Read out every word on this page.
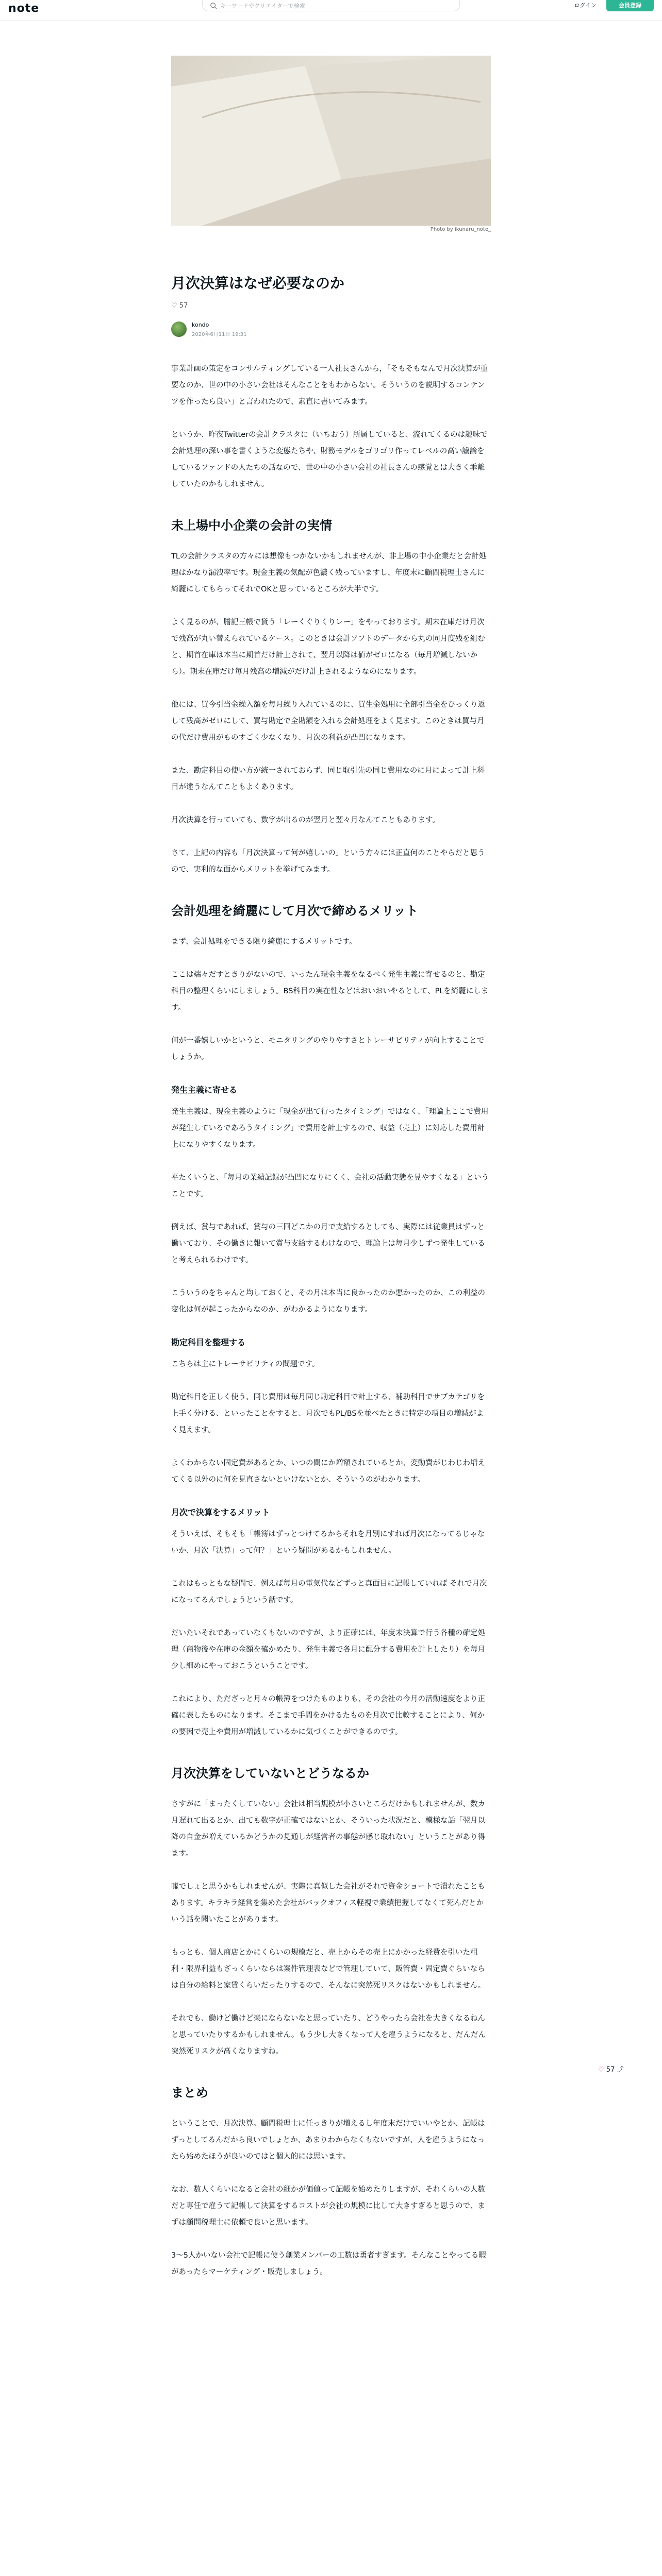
note
キーワードやクリエイターで検索	ログイン	会員登録
Photo by ikunaru_note_
月次決算はなぜ必要なのか
♡ 57
kondo
2020年6月11日 19:31
事業計画の策定をコンサルティングしている一人社長さんから，「そもそもなんで月次決算が重要なのか、世の中の小さい会社はそんなことをもわからない。そういうのを説明するコンテンツを作ったら良い」と言われたので、素直に書いてみます。
というか、昨夜Twitterの会計クラスタに（いちおう）所属していると、流れてくるのは趣味で会計処理の深い事を書くような変態たちや、財務モデルをゴリゴリ作ってレベルの高い議論をしているファンドの人たちの話なので、世の中の小さい会社の社長さんの感覚とは大きく乖離していたのかもしれません。
未上場中小企業の会計の実情
TLの会計クラスタの方々には想像もつかないかもしれませんが、非上場の中小企業だと会計処理はかなり漏洩率です。現金主義の気配が色濃く残っていますし、年度末に顧問税理士さんに綺麗にしてもらってそれでOKと思っているところが大半です。
よく見るのが、謄記三帳で貸う「レーくぐりくりレー」をやっております。期末在庫だけ月次で残高が丸い替えられているケース。このときは会計ソフトのデータから丸の同月度残を組むと、期首在庫は本当に期首だけ計上されて、翌月以降は値がゼロになる（毎月増減しないから）。期末在庫だけ毎月残高の増減がだけ計上されるようなのになります。
他には、買今引当金繰入額を毎月繰り入れているのに、買生金処用に全部引当金をひっくり返して残高がゼロにして、買与勘定で全勘額を入れる会計処理をよく見ます。このときは買与月の代だけ費用がものすごく少なくなり、月次の利益が凸凹になります。
また、勘定科目の使い方が統一されておらず、同じ取引先の同じ費用なのに月によって計上科目が違うなんてこともよくあります。
月次決算を行っていても、数字が出るのが翌月と翌々月なんてこともあります。
さて、上記の内容も「月次決算って何が嬉しいの」という方々には正直何のことやらだと思うので、実利的な面からメリットを挙げてみます。
会計処理を綺麗にして月次で締めるメリット
まず、会計処理をできる限り綺麗にするメリットです。
ここは端々だすときりがないので、いったん現金主義をなるべく発生主義に寄せるのと、勘定科目の整理くらいにしましょう。BS科目の実在性などはおいおいやるとして、PLを綺麗にします。
何が一番嬉しいかというと、モニタリングのやりやすさとトレーサビリティが向上することでしょうか。
発生主義に寄せる
発生主義は、現金主義のように「現金が出て行ったタイミング」ではなく、「理論上ここで費用が発生しているであろうタイミング」で費用を計上するので、収益（売上）に対応した費用計上になりやすくなります。
平たくいうと、「毎月の業績記録が凸凹になりにくく、会社の活動実態を見やすくなる」ということです。
例えば、賞与であれば、賞与の三回どこかの月で支給するとしても、実際には従業員はずっと働いており、その働きに報いて賞与支給するわけなので、理論上は毎月少しずつ発生していると考えられるわけです。
こういうのをちゃんと均しておくと、その月は本当に良かったのか悪かったのか、この利益の変化は何が起こったからなのか、がわかるようになります。
勘定科目を整理する
こちらは主にトレーサビリティの問題です。
勘定科目を正しく使う、同じ費用は毎月同じ勘定科目で計上する、補助科目でサブカテゴリを上手く分ける、といったことをすると、月次でもPL/BSを並べたときに特定の項目の増減がよく見えます。
よくわからない固定費があるとか、いつの間にか増額されているとか、変動費がじわじわ増えてくる以外のに何を見直さないといけないとか、そういうのがわかります。
月次で決算をするメリット
そういえば、そもそも「帳簿はずっとつけてるからそれを月別にすれば月次になってるじゃないか、月次「決算」って何？」という疑問があるかもしれません。
これはもっともな疑問で、例えば毎月の電気代などずっと真面目に記帳していれば それで月次になってるんでしょうという話です。
だいたいそれであっていなくもないのですが、より正確には、年度末決算で行う各種の確定処理（商物後や在庫の金額を確かめたり、発生主義で各月に配分する費用を計上したり）を毎月少し細めにやっておこうということです。
これにより、ただざっと月々の帳簿をつけたものよりも、その会社の今月の活動速度をより正確に表したものになります。そこまで手間をかけるたものを月次で比較することにより、何かの要因で売上や費用が増減しているかに気づくことができるのです。
月次決算をしていないとどうなるか
さすがに「まったくしていない」会社は相当規模が小さいところだけかもしれませんが、数カ月遅れて出るとか、出ても数字が正確ではないとか、そういった状況だと、模様な話「翌月以降の自金が増えているかどうかの見通しが経営者の事態が感じ取れない」ということがあり得ます。
嘘でしょと思うかもしれませんが、実際に真似した会社がそれで資金ショートで潰れたこともあります。キラキラ経営を集めた会社がバックオフィス軽視で業績把握してなくて死んだとかいう話を聞いたことがあります。
もっとも、個人商店とかにくらいの規模だと、売上からその売上にかかった経費を引いた粗利・限界利益もざっくらいならは案件管理表などで管理していて、販管費・固定費ぐらいならは自分の給料と家賃くらいだったりするので、そんなに突然死リスクはないかもしれません。
それでも、働けど働けど楽にならないなと思っていたり、どうやったら会社を大きくなるねんと思っていたりするかもしれません。もう少し大きくなって人を雇うようになると、だんだん突然死リスクが高くなりますね。
まとめ
ということで、月次決算。顧問税理士に任っきりが増えるし年度末だけでいいやとか、記帳はずっとしてるんだから良いでしょとか、あまりわからなくもないですが、人を雇うようになったら始めたほうが良いのではと個人的には思います。
なお、数人くらいになると会社の細かが価値って記帳を始めたりしますが、それくらいの人数だと専任で雇うて記帳して決算をするコストが会社の規模に比して大きすぎると思うので、まずは顧問税理士に依頼で良いと思います。
3〜5人かいない会社で記帳に使う創業メンバーの工数は勇者すぎます。そんなことやってる暇があったらマーケティング・販売しましょう。
♡ 57 ⤴
